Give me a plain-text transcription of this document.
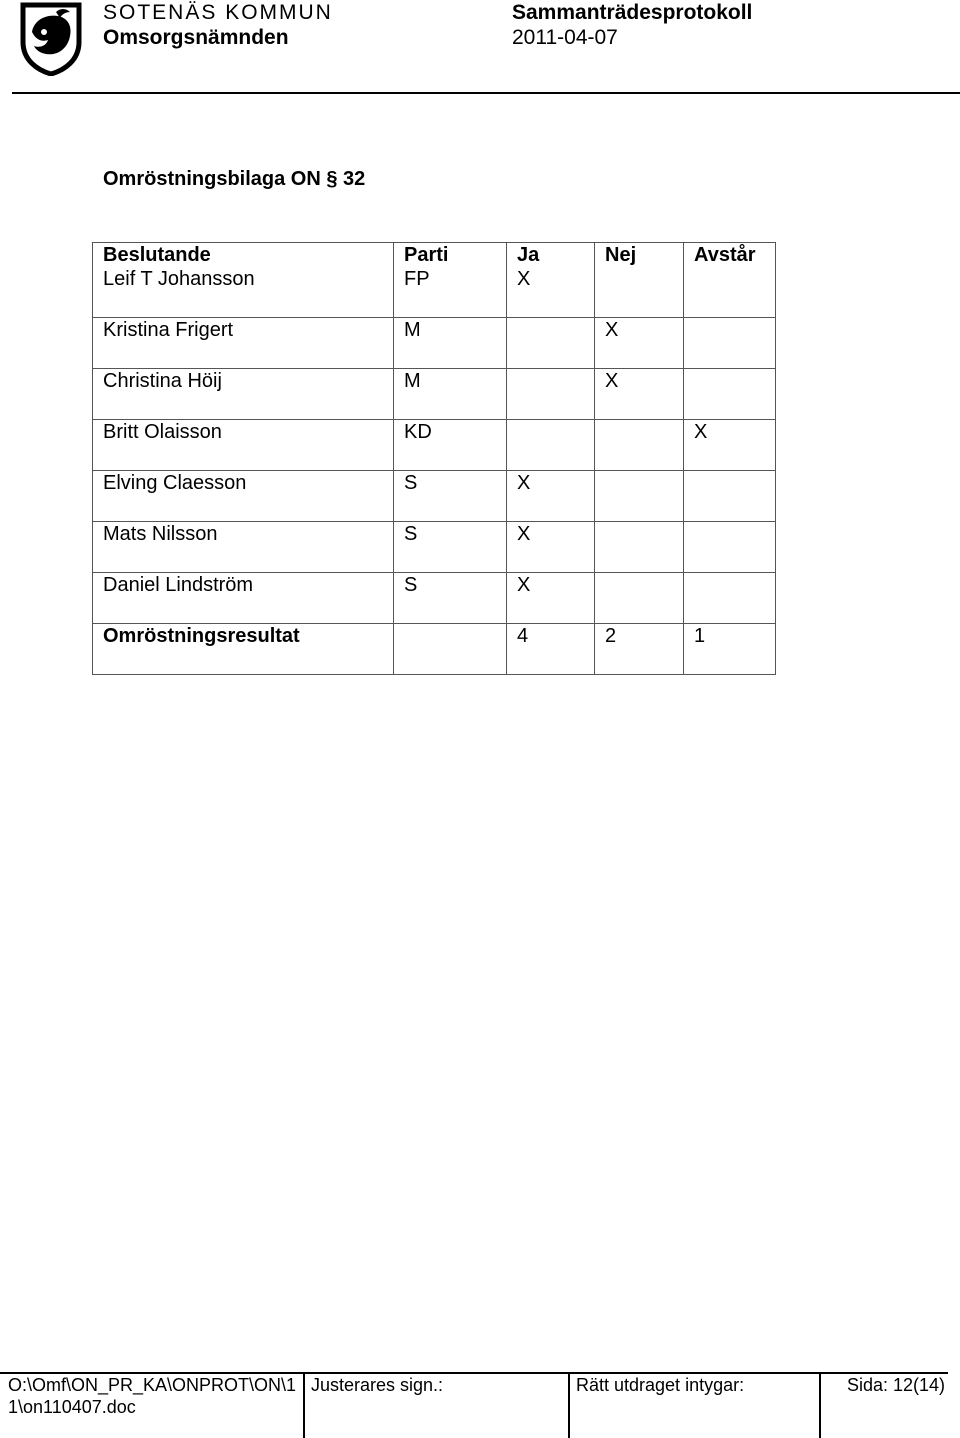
SOTENÄS KOMMUN
Omsorgsnämnden
Sammanträdesprotokoll
2011-04-07
Omröstningsbilaga ON § 32
Beslutande	Parti	Ja	Nej	Avstår
Leif T Johansson	FP	X		
Kristina Frigert	M		X	
Christina Höij	M		X	
Britt Olaisson	KD			X
Elving Claesson	S	X		
Mats Nilsson	S	X		
Daniel Lindström	S	X		
Omröstningsresultat		4	2	1
O:\Omf\ON_PR_KA\ONPROT\ON\1
1\on110407.doc
Justerares sign.:	Rätt utdraget intygar:	Sida: 12(14)
